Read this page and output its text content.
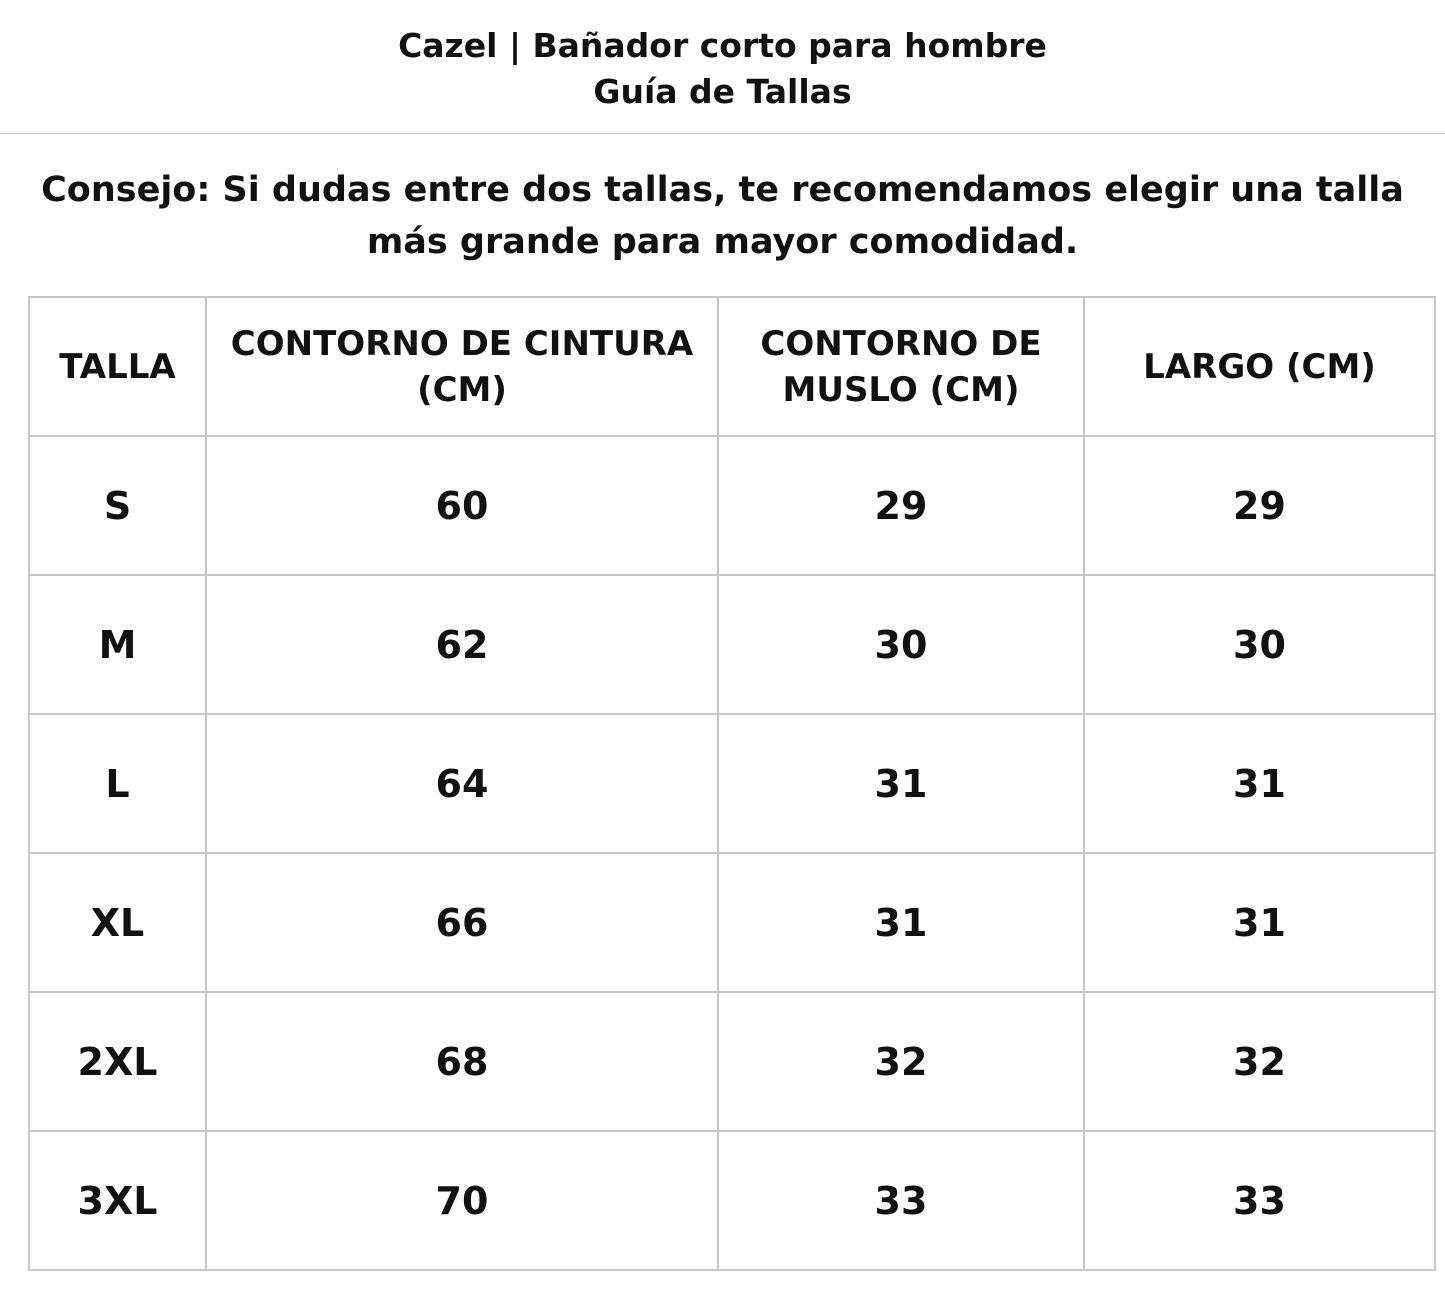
Cazel | Bañador corto para hombre
Guía de Tallas
Consejo: Si dudas entre dos tallas, te recomendamos elegir una talla más grande para mayor comodidad.
TALLA	CONTORNO DE CINTURA (CM)	CONTORNO DE MUSLO (CM)	LARGO (CM)
S	60	29	29
M	62	30	30
L	64	31	31
XL	66	31	31
2XL	68	32	32
3XL	70	33	33
